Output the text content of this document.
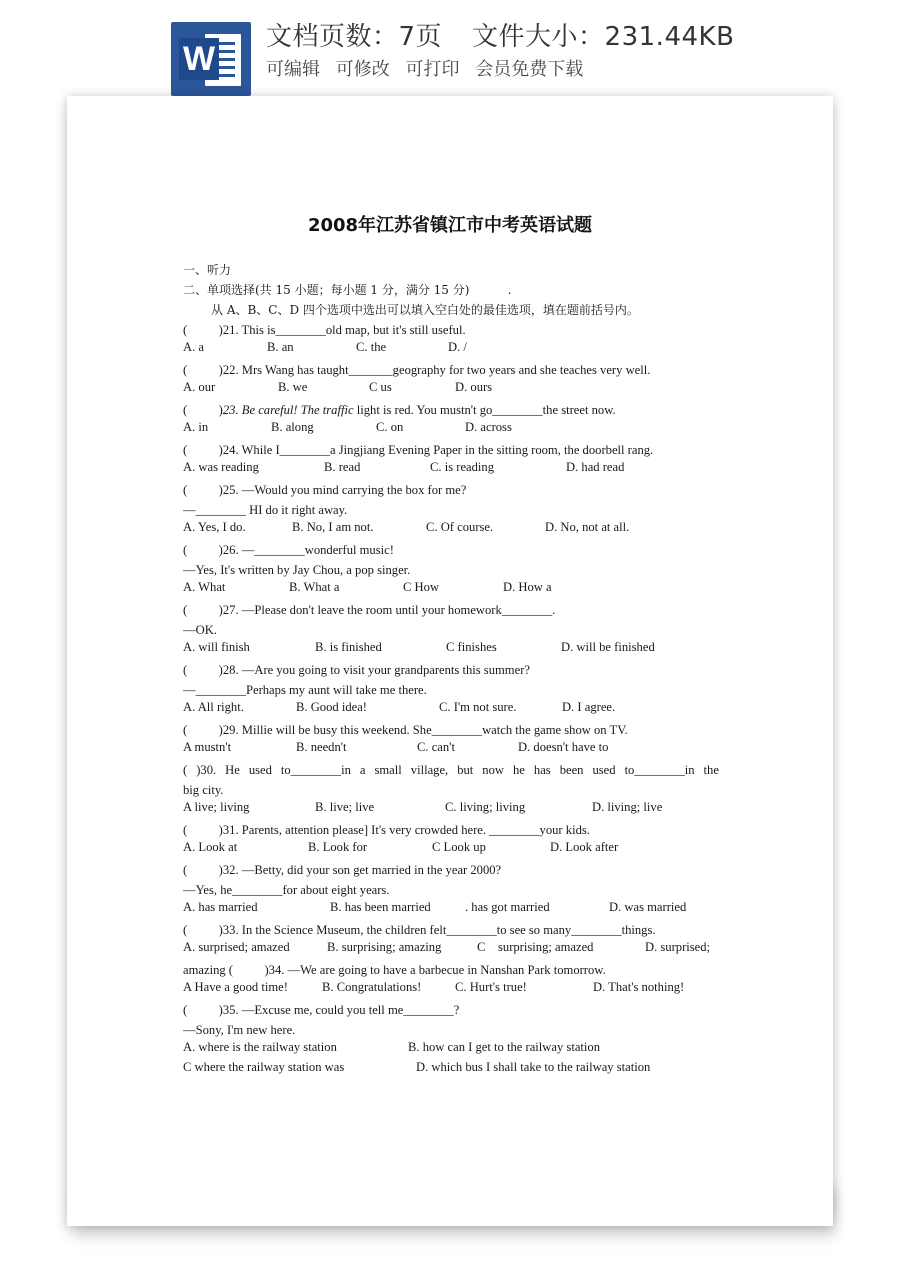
W
文档页数：7页 文件大小：231.44KB
可编辑 可修改 可打印 会员免费下载
2008年江苏省镇江市中考英语试题
一、听力
二、单项选择(共 15 小题；每小题 1 分，满分 15 分)          .
从 A、B、C、D 四个选项中选出可以填入空白处的最佳选项，填在题前括号内。
(          )21. This is________old map, but it's still useful.
A. a	B. an	C. the	D. /
(          )22. Mrs Wang has taught_______geography for two years and she teaches very well.
A. our	B. we	C us	D. ours
(          )23. Be careful! The traffic light is red. You mustn't go________the street now.
A. in	B. along	C. on	D. across
(          )24. While I________a Jingjiang Evening Paper in the sitting room, the doorbell rang.
A. was reading	B. read	C. is reading	D. had read
(          )25. —Would you mind carrying the box for me?
—________ HI do it right away.
A. Yes, I do.	B. No, I am not.	C. Of course.	D. No, not at all.
(          )26. —________wonderful music!
—Yes, It's written by Jay Chou, a pop singer.
A. What	B. What a	C How	D. How a
(          )27. —Please don't leave the room until your homework________.
—OK.
A. will finish	B. is finished	C finishes	D. will be finished
(          )28. —Are you going to visit your grandparents this summer?
—________Perhaps my aunt will take me there.
A. All right.	B. Good idea!	C. I'm not sure.	D. I agree.
(          )29. Millie will be busy this weekend. She________watch the game show on TV.
A mustn't	B. needn't	C. can't	D. doesn't have to
( )30. He used to________in a small village, but now he has been used to________in the
big city.
A live; living	B. live; live	C. living; living	D. living; live
(          )31. Parents, attention please] It's very crowded here. ________your kids.
A. Look at	B. Look for	C Look up	D. Look after
(          )32. —Betty, did your son get married in the year 2000?
—Yes, he________for about eight years.
A. has married	B. has been married	. has got married	D. was married
(          )33. In the Science Museum, the children felt________to see so many________things.
A. surprised; amazed	B. surprising; amazing	C    surprising; amazed	D. surprised;
amazing (          )34. —We are going to have a barbecue in Nanshan Park tomorrow.
A Have a good time!	B. Congratulations!	C. Hurt's true!	D. That's nothing!
(          )35. —Excuse me, could you tell me________?
—Sony, I'm new here.
A. where is the railway station	B. how can I get to the railway station
C where the railway station was	D. which bus I shall take to the railway station
